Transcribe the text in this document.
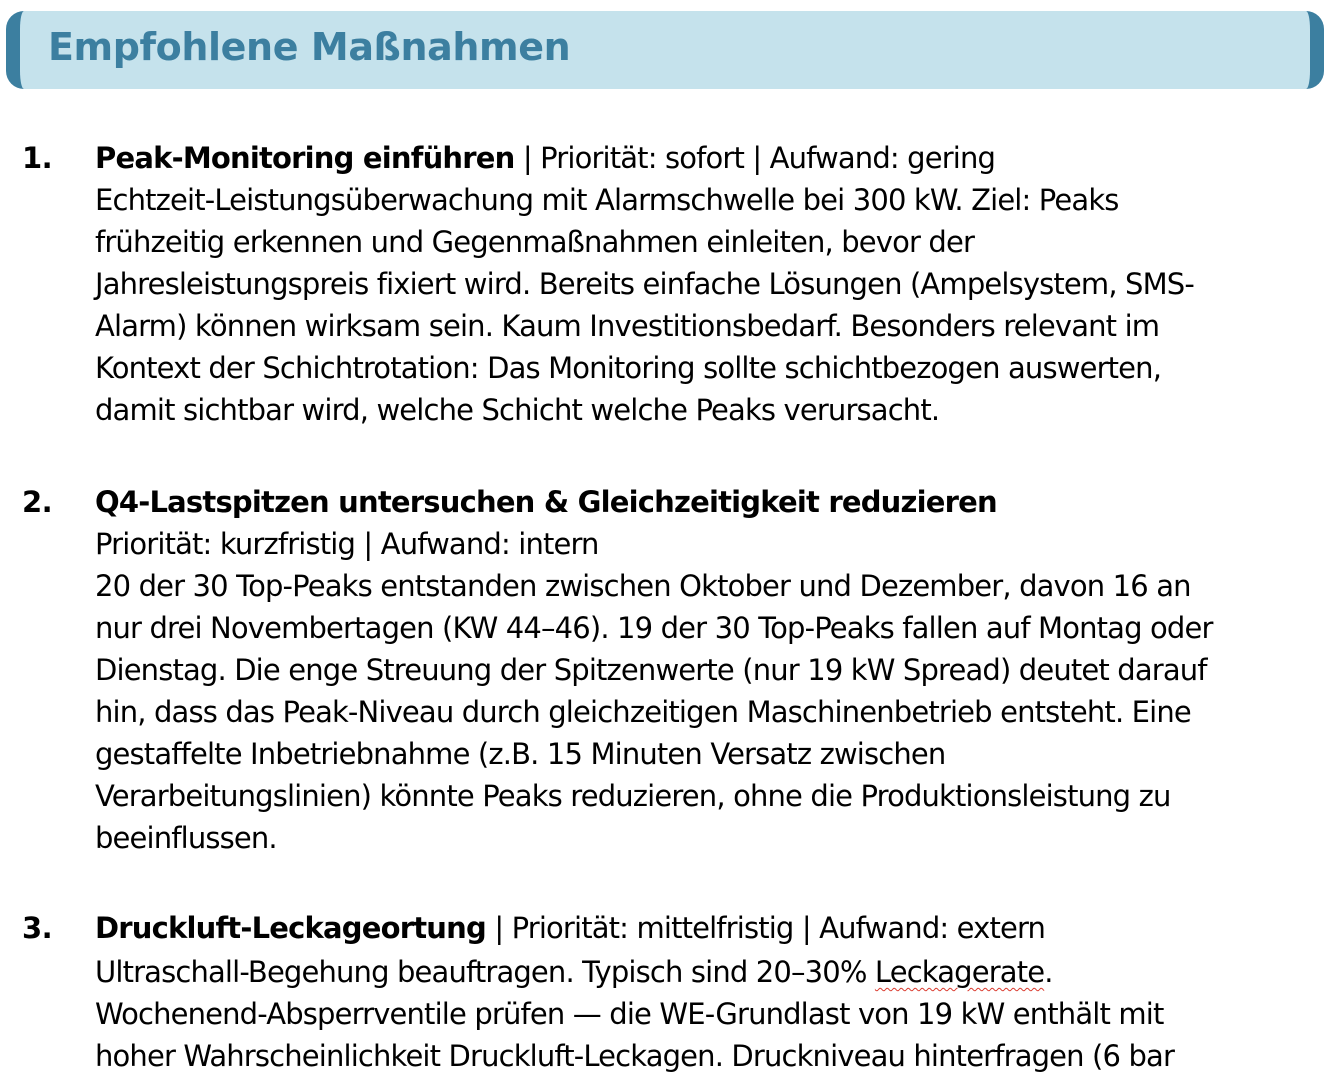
Empfohlene Maßnahmen
1. Peak-Monitoring einführen | Priorität: sofort | Aufwand: gering
Echtzeit-Leistungsüberwachung mit Alarmschwelle bei 300 kW. Ziel: Peaks
frühzeitig erkennen und Gegenmaßnahmen einleiten, bevor der
Jahresleistungspreis fixiert wird. Bereits einfache Lösungen (Ampelsystem, SMS-
Alarm) können wirksam sein. Kaum Investitionsbedarf. Besonders relevant im
Kontext der Schichtrotation: Das Monitoring sollte schichtbezogen auswerten,
damit sichtbar wird, welche Schicht welche Peaks verursacht.
2. Q4-Lastspitzen untersuchen & Gleichzeitigkeit reduzieren
Priorität: kurzfristig | Aufwand: intern
20 der 30 Top-Peaks entstanden zwischen Oktober und Dezember, davon 16 an
nur drei Novembertagen (KW 44–46). 19 der 30 Top-Peaks fallen auf Montag oder
Dienstag. Die enge Streuung der Spitzenwerte (nur 19 kW Spread) deutet darauf
hin, dass das Peak-Niveau durch gleichzeitigen Maschinenbetrieb entsteht. Eine
gestaffelte Inbetriebnahme (z.B. 15 Minuten Versatz zwischen
Verarbeitungslinien) könnte Peaks reduzieren, ohne die Produktionsleistung zu
beeinflussen.
3. Druckluft-Leckageortung | Priorität: mittelfristig | Aufwand: extern
Ultraschall-Begehung beauftragen. Typisch sind 20–30% Leckagerate.
Wochenend-Absperrventile prüfen — die WE-Grundlast von 19 kW enthält mit
hoher Wahrscheinlichkeit Druckluft-Leckagen. Druckniveau hinterfragen (6 bar
